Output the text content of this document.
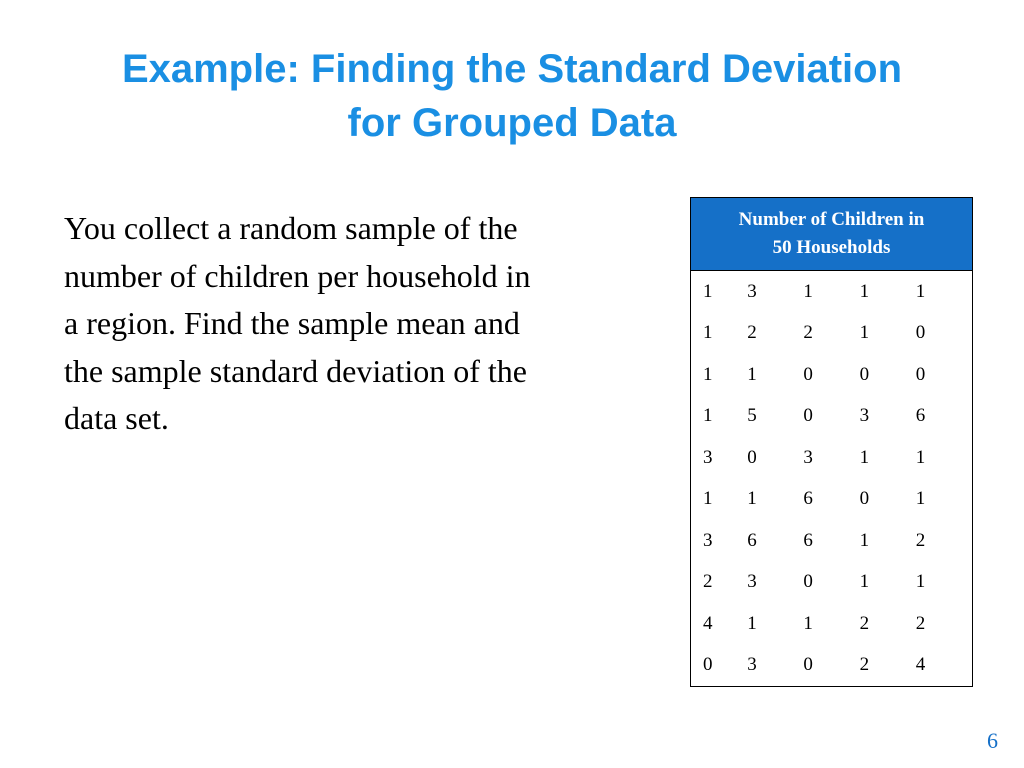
Example: Finding the Standard Deviation
for Grouped Data
You collect a random sample of the
number of children per household in
a region. Find the sample mean and
the sample standard deviation of the
data set.
Number of Children in
50 Households				

1	3	1	1	1
1	2	2	1	0
1	1	0	0	0
1	5	0	3	6
3	0	3	1	1
1	1	6	0	1
3	6	6	1	2
2	3	0	1	1
4	1	1	2	2
0	3	0	2	4
6
